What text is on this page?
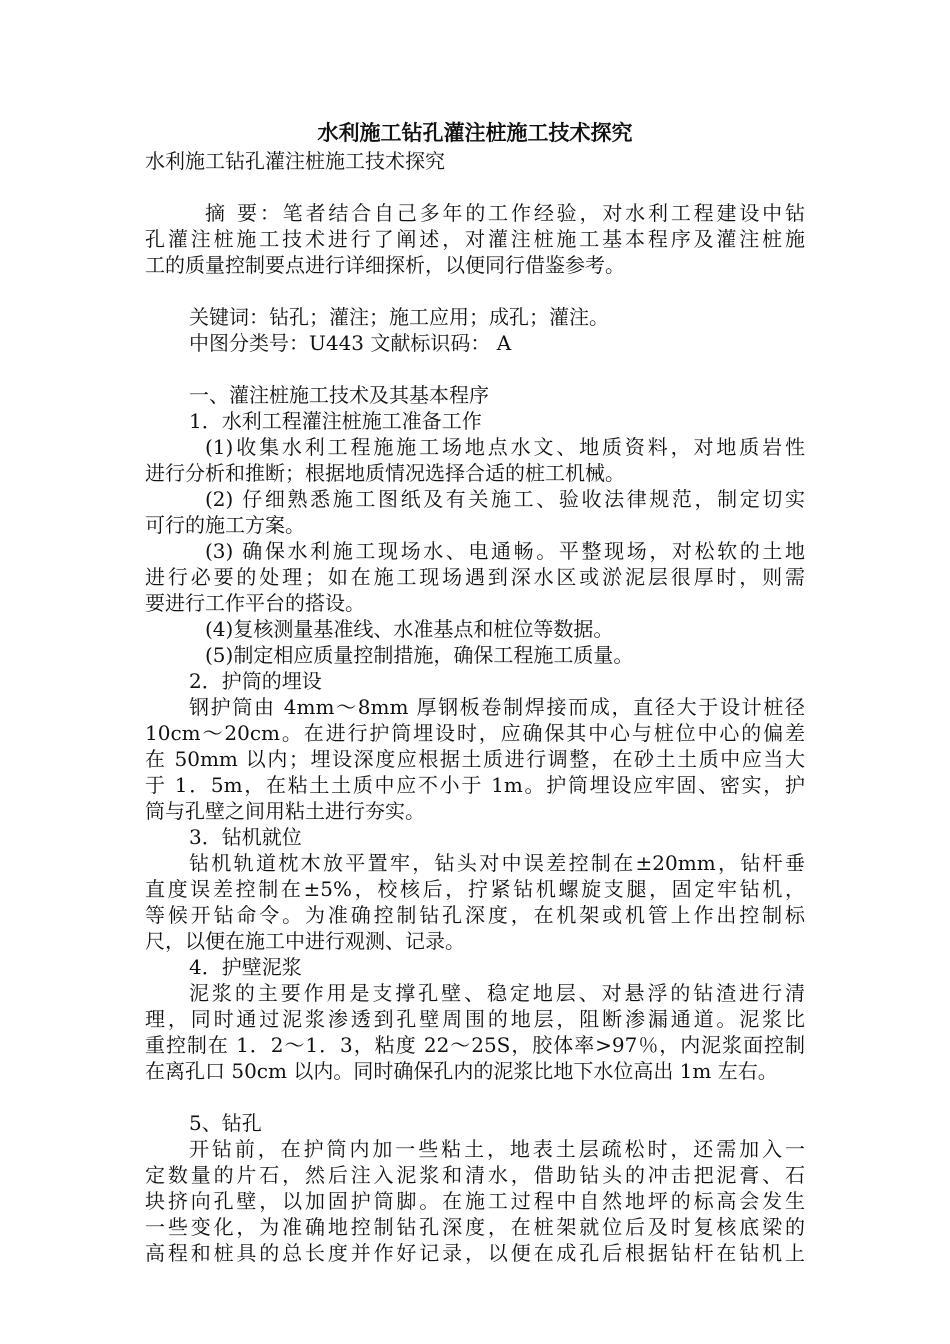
水利施工钻孔灌注桩施工技术探究

水利施工钻孔灌注桩施工技术探究

摘 要：笔者结合自己多年的工作经验，对水利工程建设中钻

孔灌注桩施工技术进行了阐述，对灌注桩施工基本程序及灌注桩施

工的质量控制要点进行详细探析，以便同行借鉴参考。

关键词：钻孔；灌注；施工应用；成孔；灌注。

中图分类号：U443 文献标识码： A

一、灌注桩施工技术及其基本程序

1．水利工程灌注桩施工准备工作

(1)收集水利工程施施工场地点水文、地质资料，对地质岩性

进行分析和推断；根据地质情况选择合适的桩工机械。

(2) 仔细熟悉施工图纸及有关施工、验收法律规范，制定切实

可行的施工方案。

(3) 确保水利施工现场水、电通畅。平整现场，对松软的土地

进行必要的处理；如在施工现场遇到深水区或淤泥层很厚时，则需

要进行工作平台的搭设。

(4)复核测量基准线、水准基点和桩位等数据。

(5)制定相应质量控制措施，确保工程施工质量。

2．护筒的埋设

钢护筒由 4mm～8mm 厚钢板卷制焊接而成，直径大于设计桩径

10cm～20cm。在进行护筒埋设时，应确保其中心与桩位中心的偏差

在 50mm 以内；埋设深度应根据土质进行调整，在砂土土质中应当大

于 1．5m，在粘土土质中应不小于 1m。护筒埋设应牢固、密实，护

筒与孔壁之间用粘土进行夯实。

3．钻机就位

钻机轨道枕木放平置牢，钻头对中误差控制在±20mm，钻杆垂

直度误差控制在±5%，校核后，拧紧钻机螺旋支腿，固定牢钻机，

等候开钻命令。为准确控制钻孔深度，在机架或机管上作出控制标

尺，以便在施工中进行观测、记录。

4．护壁泥浆

泥浆的主要作用是支撑孔壁、稳定地层、对悬浮的钻渣进行清

理，同时通过泥浆渗透到孔壁周围的地层，阻断渗漏通道。泥浆比

重控制在 1．2～1．3，粘度 22～25S，胶体率>97％，内泥浆面控制

在离孔口 50cm 以内。同时确保孔内的泥浆比地下水位高出 1m 左右。

5、钻孔

开钻前，在护筒内加一些粘土，地表土层疏松时，还需加入一

定数量的片石，然后注入泥浆和清水，借助钻头的冲击把泥膏、石

块挤向孔壁，以加固护筒脚。在施工过程中自然地坪的标高会发生

一些变化，为准确地控制钻孔深度，在桩架就位后及时复核底梁的

高程和桩具的总长度并作好记录，以便在成孔后根据钻杆在钻机上
